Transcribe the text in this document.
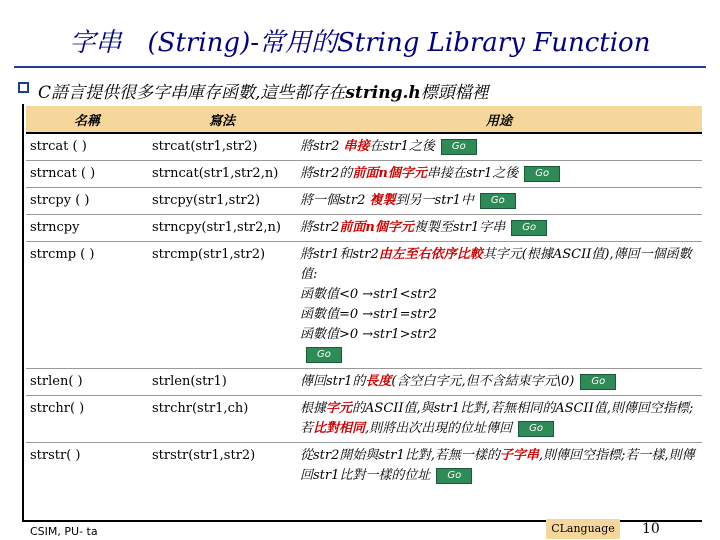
字串　(String)-常用的String Library Function
C語言提供很多字串庫存函數,這些都存在string.h標頭檔裡
名稱	寫法	用途
strcat ( )	strcat(str1,str2)	將str2 串接在str1之後 Go
strncat ( )	strncat(str1,str2,n)	將str2的前面n個字元串接在str1之後 Go
strcpy ( )	strcpy(str1,str2)	將一個str2 複製到另一str1中 Go
strncpy	strncpy(str1,str2,n)	將str2前面n個字元複製至str1字串 Go
strcmp ( )	strcmp(str1,str2)	將str1和str2由左至右依序比較其字元(根據ASCII值),傳回一個函數值:
函數值<0 →str1<str2
函數值=0 →str1=str2
函數值>0 →str1>str2
Go
strlen( )	strlen(str1)	傳回str1的長度(含空白字元,但不含結束字元\0) Go
strchr( )	strchr(str1,ch)	根據字元的ASCII值,與str1比對,若無相同的ASCII值,則傳回空指標;若比對相同,則將出次出現的位址傳回 Go
strstr( )	strstr(str1,str2)	從str2開始與str1比對,若無一樣的子字串,則傳回空指標;若一樣,則傳回str1比對一樣的位址 Go
CSIM, PU- ta	CLanguage	10
